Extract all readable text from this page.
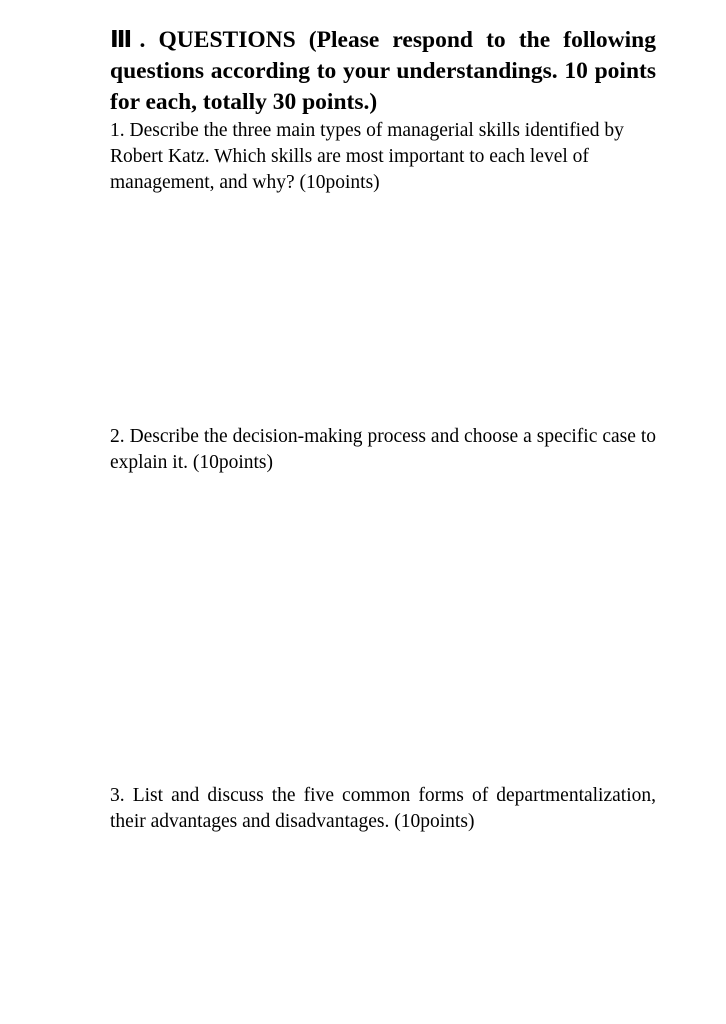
Ⅲ. QUESTIONS (Please respond to the following questions according to your understandings. 10 points for each, totally 30 points.)

1. Describe the three main types of managerial skills identified by Robert Katz. Which skills are most important to each level of management, and why? (10points)

2. Describe the decision-making process and choose a specific case to explain it. (10points)

3. List and discuss the five common forms of departmentalization, their advantages and disadvantages. (10points)
